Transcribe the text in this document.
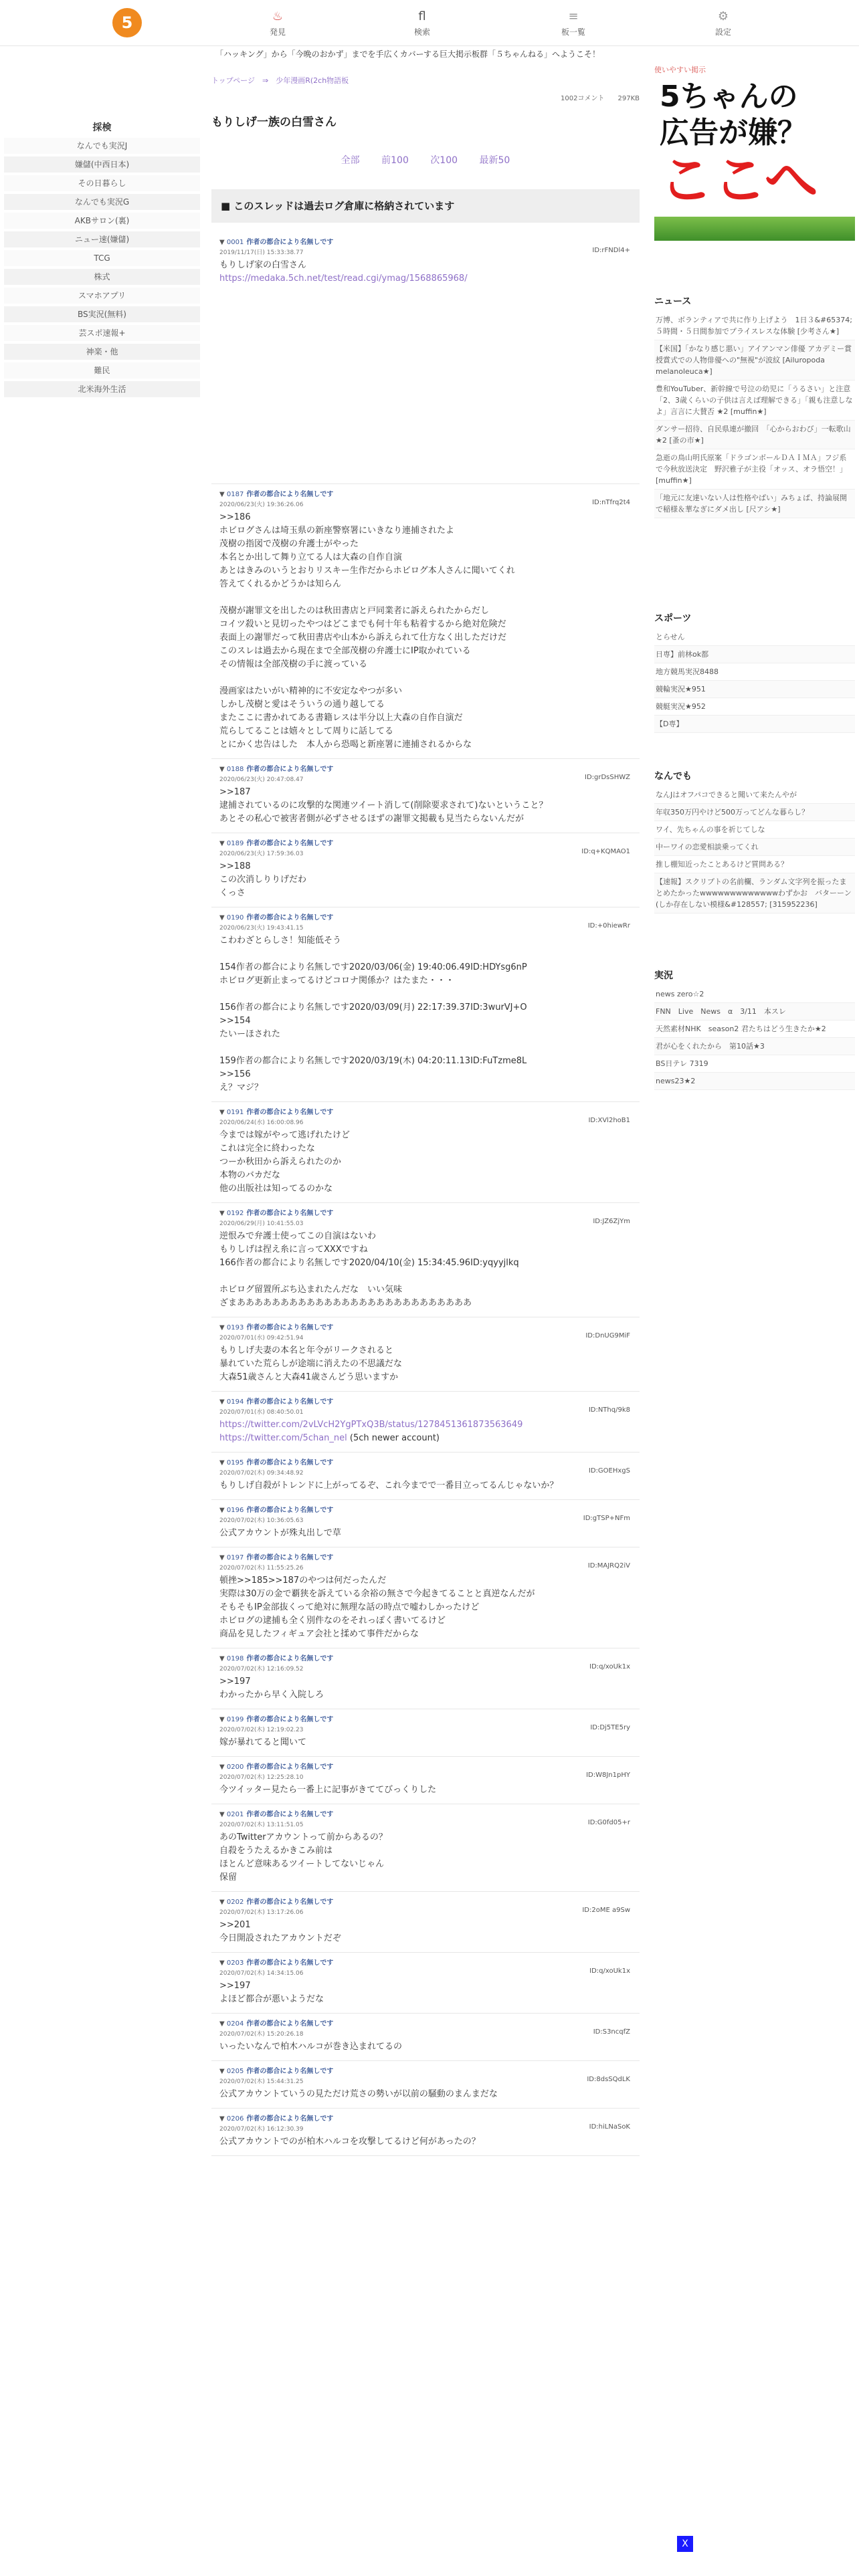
5	♨
発見
fl
検索
≡
板一覧
⚙
設定
「ハッキング」から「今晩のおかず」までを手広くカバーする巨大掲示板群「５ちゃんねる」へようこそ！
採検
なんでも実況J
嫌儲(中西日本)
その日暮らし
なんでも実況G
AKBサロン(裏)
ニュー速(嫌儲)
TCG
株式
スマホアプリ
BS実況(無料)
芸スポ速報+
神楽・他
難民
北米海外生活
トップページ　⇒　少年漫画R(2ch物語板
1002コメント　　297KB
もりしげ一族の白雪さん
全部 前100 次100 最新50
■ このスレッドは過去ログ倉庫に格納されています
▼ 0001 作者の都合により名無しです
2019/11/17(日) 15:33:38.77	ID:rFNDl4+
もりしげ家の白雪さん
https://medaka.5ch.net/test/read.cgi/ymag/1568865968/
▼ 0187 作者の都合により名無しです
2020/06/23(火) 19:36:26.06	ID:nTfrq2t4
>>186
ホビログさんは埼玉県の新座警察署にいきなり連捕されたよ
茂樹の指図で茂樹の弁護士がやった
本名とか出して舞り立てる人は大森の自作自演
あとはきみのいうとおりリスキー生作だからホビログ本人さんに聞いてくれ
答えてくれるかどうかは知らん

茂樹が謝罪文を出したのは秋田書店と戸同業者に訴えられたからだし
コイツ殺いと見切ったやつはどこまでも何十年も粘着するから絶対危険だ
表面上の謝罪だって秋田書店や山本から訴えられて仕方なく出しただけだ
このスレは過去から現在まで全部茂樹の弁護士にIP取かれている
その情報は全部茂樹の手に渡っている

漫画家はたいがい精神的に不安定なやつが多い
しかし茂樹と愛はそういうの通り越してる
またここに書かれてある書籍レスは半分以上大森の自作自演だ
荒らしてることは嬉々として周りに話してる
とにかく忠告はした　本人から恐喝と新座署に連捕されるからな
▼ 0188 作者の都合により名無しです
2020/06/23(火) 20:47:08.47	ID:grDsSHWZ
>>187
逮捕されているのに攻撃的な関連ツイート消して(削除要求されて)ないということ？
あとその私心で被害者側が必ずさせるほずの謝罪文掲載も見当たらないんだが
▼ 0189 作者の都合により名無しです
2020/06/23(火) 17:59:36.03	ID:q+KQMAO1
>>188
この次消しりりげだわ
くっさ
▼ 0190 作者の都合により名無しです
2020/06/23(火) 19:43:41.15	ID:+0hiewRr
こわわざとらしさ！知能低そう

154作者の都合により名無しです2020/03/06(金) 19:40:06.49ID:HDYsg6nP
ホビログ更新止まってるけどコロナ関係か？はたまた・・・

156作者の都合により名無しです2020/03/09(月) 22:17:39.37ID:3wurVJ+O
>>154
たいーほされた

159作者の都合により名無しです2020/03/19(木) 04:20:11.13ID:FuTzme8L
>>156
え？マジ？
▼ 0191 作者の都合により名無しです
2020/06/24(水) 16:00:08.96	ID:XVl2hoB1
今までは嫁がやって逃げれたけど
これは完全に終わったな
つーか秋田から訴えられたのか
本物のバカだな
他の出版社は知ってるのかな
▼ 0192 作者の都合により名無しです
2020/06/29(月) 10:41:55.03	ID:JZ6ZjYm
逆恨みで弁護士使ってこの自演はないわ
もりしげは捏え糸に言ってXXXですね
166作者の都合により名無しです2020/04/10(金) 15:34:45.96ID:yqyyjlkq

ホビログ留置所ぶち込まれたんだな　いい気味
ざまあああああああああああああああああああああああああああ
▼ 0193 作者の都合により名無しです
2020/07/01(水) 09:42:51.94	ID:DnUG9MiF
もりしげ夫妻の本名と年令がリークされると
暴れていた荒らしが途端に消えたの不思議だな
大森51歳さんと大森41歳さんどう思いますか
▼ 0194 作者の都合により名無しです
2020/07/01(水) 08:40:50.01	ID:NThq/9k8
https://twitter.com/2vLVcH2YgPTxQ3B/status/1278451361873563649
https://twitter.com/5chan_nel (5ch newer account)
▼ 0195 作者の都合により名無しです
2020/07/02(木) 09:34:48.92	ID:GOEHxgS
もりしげ自殺がトレンドに上がってるぞ、これ今までで一番目立ってるんじゃないか？
▼ 0196 作者の都合により名無しです
2020/07/02(木) 10:36:05.63	ID:gTSP+NFm
公式アカウントが殊丸出しで草
▼ 0197 作者の都合により名無しです
2020/07/02(木) 11:55:25.26	ID:MAJRQ2iV
頓挫>>185>>187のやつは何だったんだ
実際は30万の金で覇狭を訴えている余裕の無さで今起きてることと真逆なんだが
そもそもIP金部抜くって絶対に無理な話の時点で嘘わしかったけど
ホビログの逮捕も全く別件なのをそれっぽく書いてるけど
商品を見したフィギュア会社と揉めて事件だからな
▼ 0198 作者の都合により名無しです
2020/07/02(木) 12:16:09.52	ID:q/xoUk1x
>>197
わかったから早く入院しろ
▼ 0199 作者の都合により名無しです
2020/07/02(木) 12:19:02.23	ID:Dj5TE5ry
嫁が暴れてると聞いて
▼ 0200 作者の都合により名無しです
2020/07/02(木) 12:25:28.10	ID:W8Jn1pHY
今ツイッター見たら一番上に記事がきててびっくりした
▼ 0201 作者の都合により名無しです
2020/07/02(木) 13:11:51.05	ID:G0fd05+r
あのTwitterアカウントって前からあるの？
自殺をうたえるかきこみ前は
ほとんど意味あるツイートしてないじゃん
保留
▼ 0202 作者の都合により名無しです
2020/07/02(木) 13:17:26.06	ID:2oME a9Sw
>>201
今日開設されたアカウントだぞ
▼ 0203 作者の都合により名無しです
2020/07/02(木) 14:34:15.06	ID:q/xoUk1x
>>197
よほど都合が悪いようだな
▼ 0204 作者の都合により名無しです
2020/07/02(木) 15:20:26.18	ID:S3ncqfZ
いったいなんで柏木ハルコが巻き込まれてるの
▼ 0205 作者の都合により名無しです
2020/07/02(木) 15:44:31.25	ID:8dsSQdLK
公式アカウントていうの見ただけ荒さの勢いが以前の騒動のまんまだな
▼ 0206 作者の都合により名無しです
2020/07/02(木) 16:12:30.39	ID:hiLNaSoK
公式アカウントでのが柏木ハルコを攻撃してるけど何があったの？
使いやすい掲示
5ちゃんの
広告が嫌？
ここへ
ニュース
万博、ボランティアで共に作り上げよう　1日３&#65374;５時間・５日間参加でプライスレスな体験 [少考さん★]
【米国】「かなり感じ悪い」アイアンマン俳優 アカデミー賞授賞式での人物俳優への"無視"が波紋 [Ailuropoda melanoleuca★]
豊和YouTuber、新幹線で号泣の幼児に「うるさい」と注意「2、3歳くらいの子供は言えば理解できる」「親も注意しなよ」言言に大賛否 ★2 [muffin★]
ダンサー招待、自民県連が撤回　「心からおわび」一転歌山 ★2 [蚤の市★]
急逝の鳥山明氏原案「ドラゴンボールＤＡＩＭＡ」フジ系で今秋放送決定　野沢雅子が主役「オッス、オラ悟空！」 [muffin★]
「地元に友達いない人は性格やばい」みちょぱ、持論展開で稲様＆華なぎにダメ出し [尺アシ★]
スポーツ
とらせん
日専】前林ok都
地方競馬実況8488
競輪実況★951
競艇実況★952
【D専】
なんでも
なんJはオフパコできると聞いて来たんやが
年収350万円やけど500万ってどんな暮らし？
ワイ、先ちゃんの事を祈じてしな
中ーワイの恋愛相談乗ってくれ
推し棚知近ったことあるけど質問ある？
【速報】スクリプトの名前欄、ランダム文字列を振ったまとめたかったwwwwwwwwwwwwwわずかお　バターーン(しか存在しない模様&#128557; [315952236]
実況
news zero☆2
FNN　Live　News　α　3/11　本スレ
天然素材NHK　season2 君たちはどう生きたか★2
君が心をくれたから　第10話★3
BS日テレ 7319
news23★2
X
